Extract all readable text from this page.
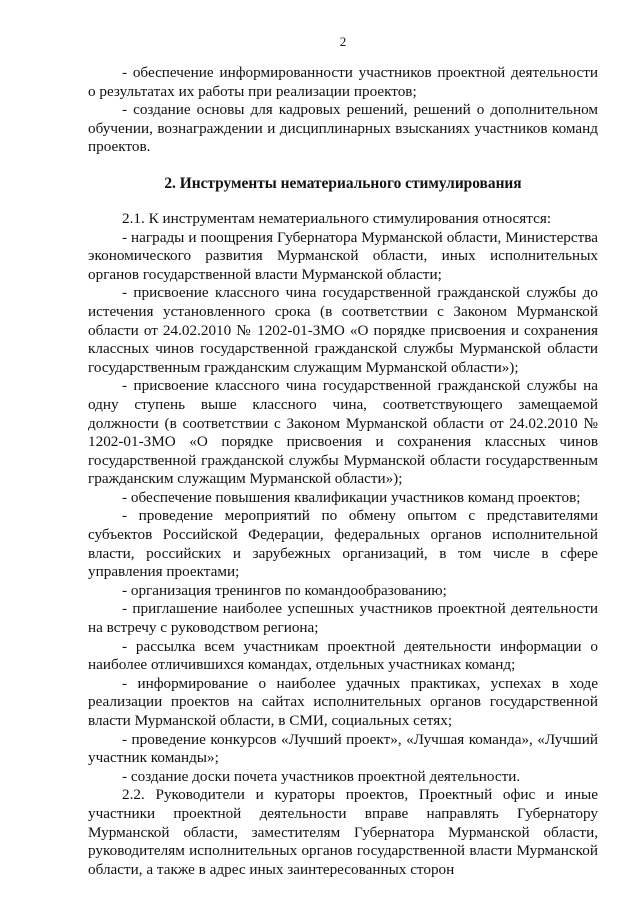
2

- обеспечение информированности участников проектной деятельности о результатах их работы при реализации проектов;

- создание основы для кадровых решений, решений о дополнительном обучении, вознаграждении и дисциплинарных взысканиях участников команд проектов.

2. Инструменты нематериального стимулирования

2.1. К инструментам нематериального стимулирования относятся:

- награды и поощрения Губернатора Мурманской области, Министерства экономического развития Мурманской области, иных исполнительных органов государственной власти Мурманской области;

- присвоение классного чина государственной гражданской службы до истечения установленного срока (в соответствии с Законом Мурманской области от 24.02.2010 № 1202-01-ЗМО «О порядке присвоения и сохранения классных чинов государственной гражданской службы Мурманской области государственным гражданским служащим Мурманской области»);

- присвоение классного чина государственной гражданской службы на одну ступень выше классного чина, соответствующего замещаемой должности (в соответствии с Законом Мурманской области от 24.02.2010 № 1202-01-ЗМО «О порядке присвоения и сохранения классных чинов государственной гражданской службы Мурманской области государственным гражданским служащим Мурманской области»);

- обеспечение повышения квалификации участников команд проектов;

- проведение мероприятий по обмену опытом с представителями субъектов Российской Федерации, федеральных органов исполнительной власти, российских и зарубежных организаций, в том числе в сфере управления проектами;

- организация тренингов по командообразованию;

- приглашение наиболее успешных участников проектной деятельности на встречу с руководством региона;

- рассылка всем участникам проектной деятельности информации о наиболее отличившихся командах, отдельных участниках команд;

- информирование о наиболее удачных практиках, успехах в ходе реализации проектов на сайтах исполнительных органов государственной власти Мурманской области, в СМИ, социальных сетях;

- проведение конкурсов «Лучший проект», «Лучшая команда», «Лучший участник команды»;

- создание доски почета участников проектной деятельности.

2.2. Руководители и кураторы проектов, Проектный офис и иные участники проектной деятельности вправе направлять Губернатору Мурманской области, заместителям Губернатора Мурманской области, руководителям исполнительных органов государственной власти Мурманской области, а также в адрес иных заинтересованных сторон
